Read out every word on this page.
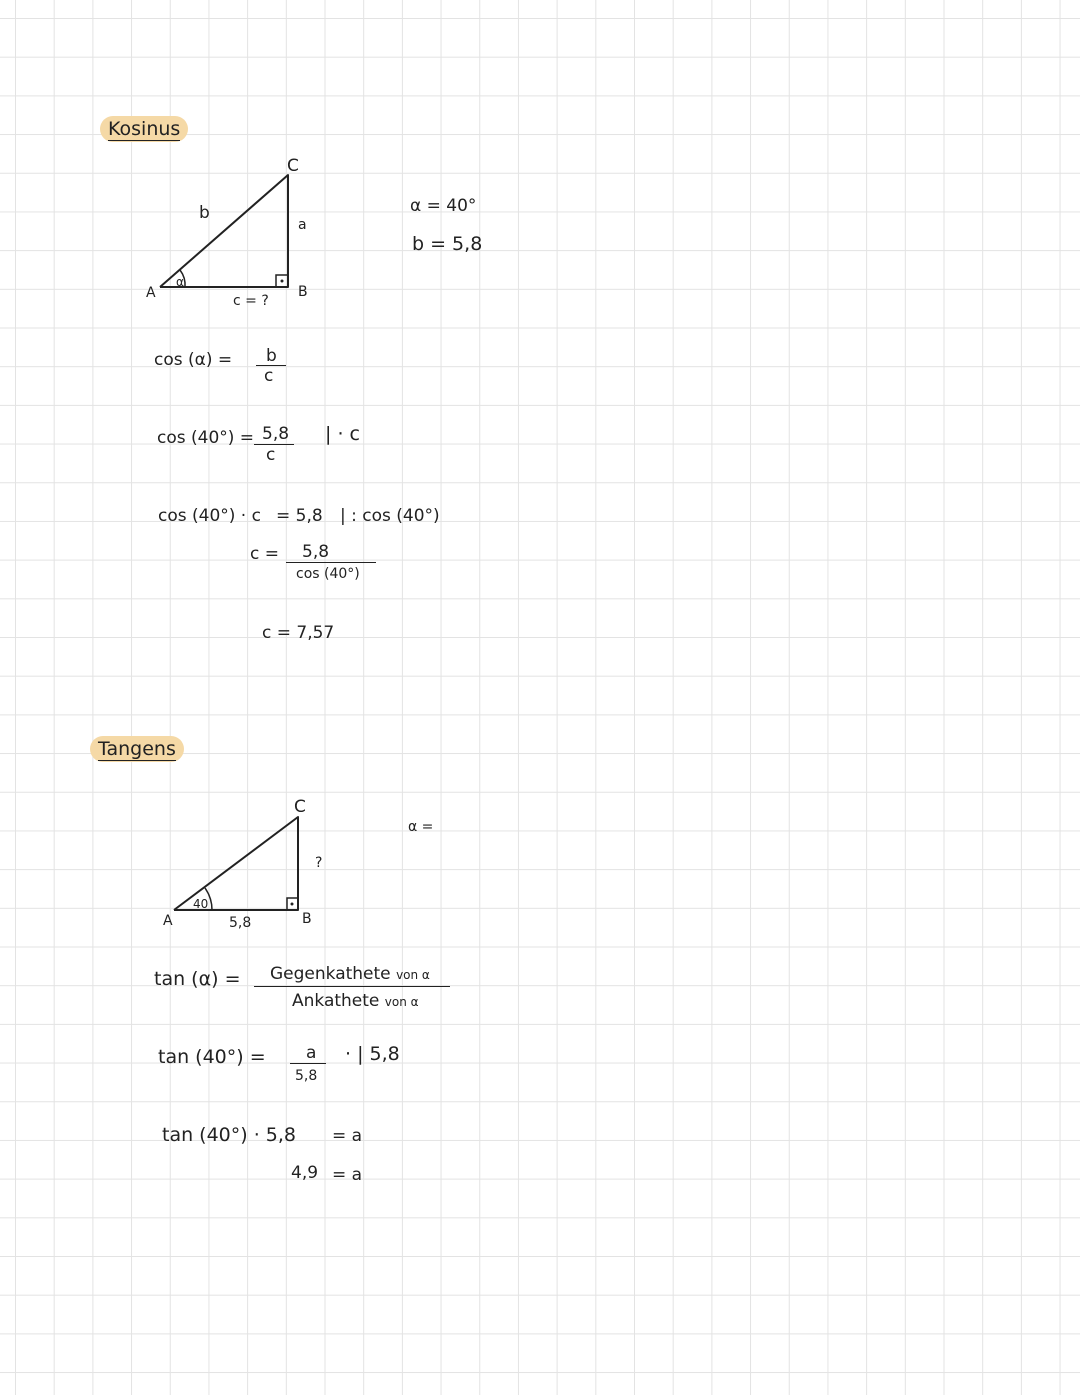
Kosinus
A	B
C
b
a
c = ?
α
α = 40°
b = 5,8
cos (α) = b
c
cos (40°) = 5,8
c
| · c
cos (40°) · c = 5,8 | : cos (40°)
c = 5,8
cos (40°)
c = 7,57
Tangens
A	B
C
?
5,8
40
α =
tan (α) = Gegenkathete von α
Ankathete von α
tan (40°) = a
5,8
· | 5,8
tan (40°) · 5,8 = a
4,9 = a
